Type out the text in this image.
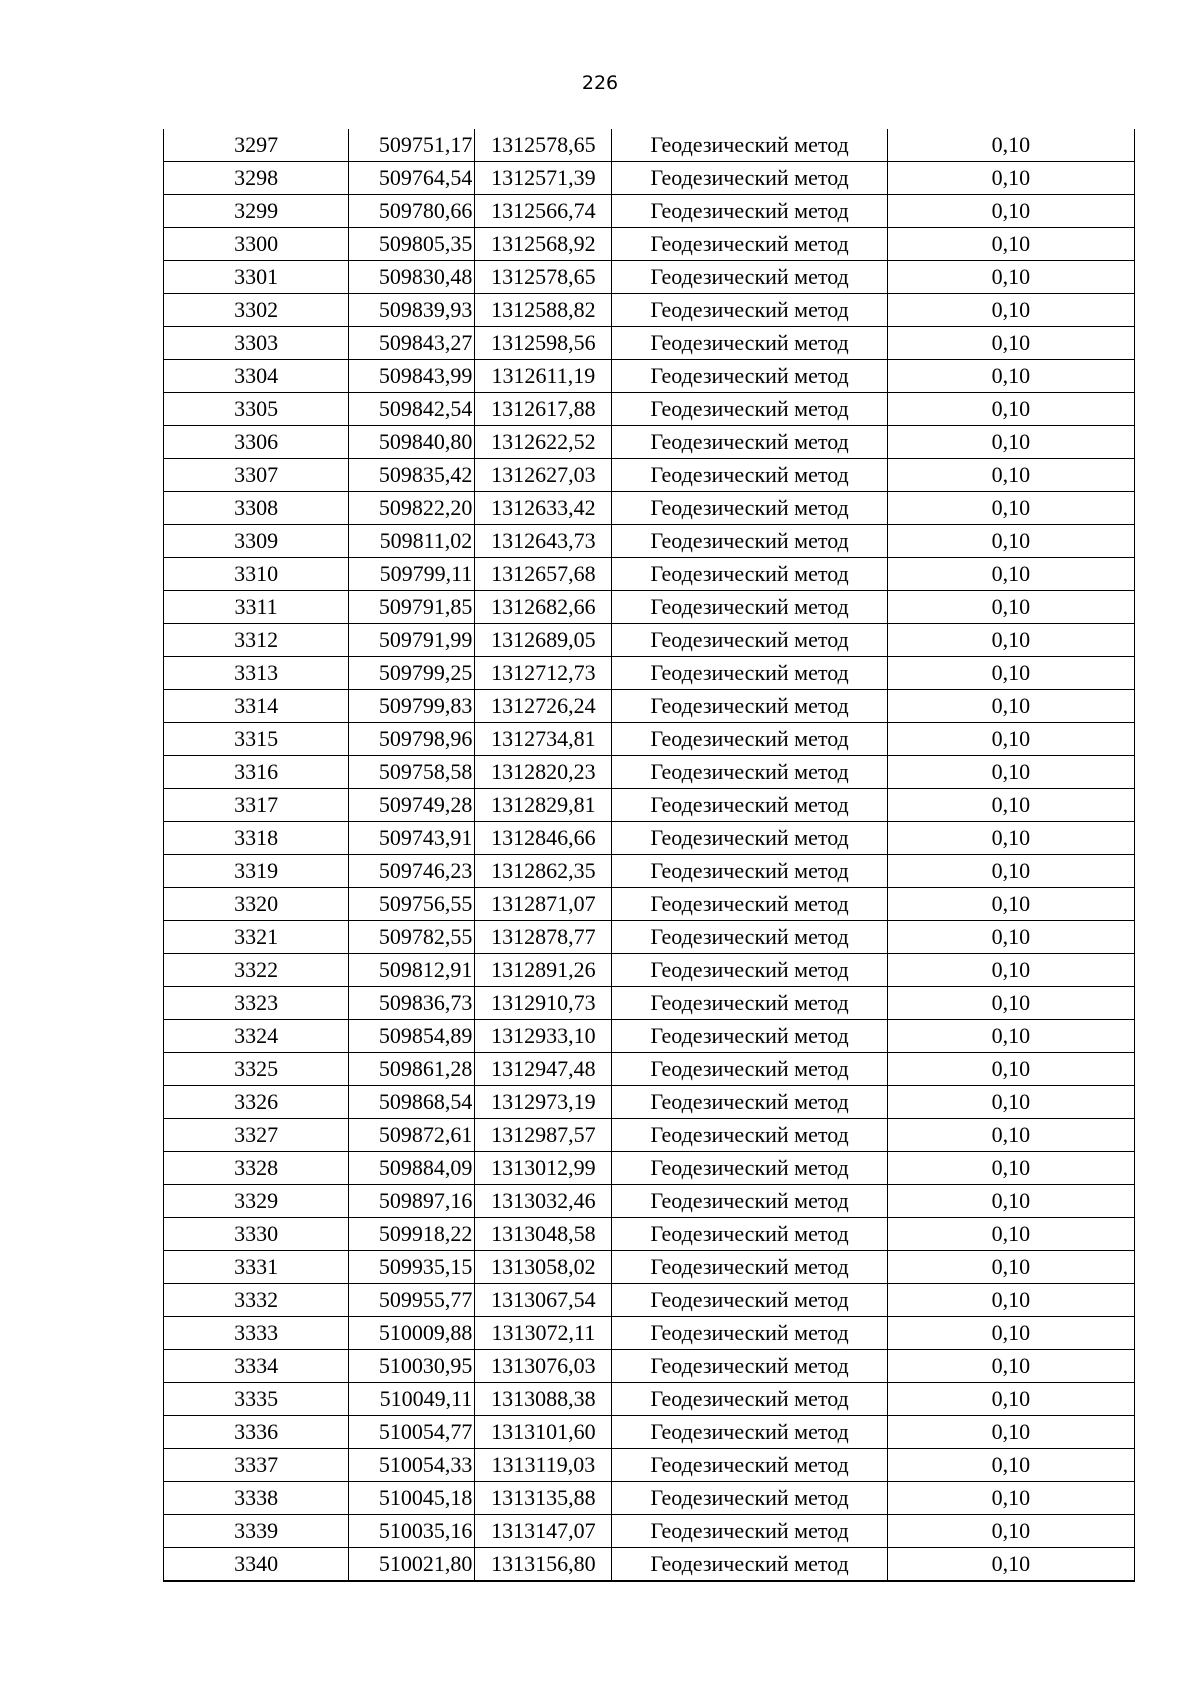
226
3297	509751,17	1312578,65	Геодезический метод	0,10
3298	509764,54	1312571,39	Геодезический метод	0,10
3299	509780,66	1312566,74	Геодезический метод	0,10
3300	509805,35	1312568,92	Геодезический метод	0,10
3301	509830,48	1312578,65	Геодезический метод	0,10
3302	509839,93	1312588,82	Геодезический метод	0,10
3303	509843,27	1312598,56	Геодезический метод	0,10
3304	509843,99	1312611,19	Геодезический метод	0,10
3305	509842,54	1312617,88	Геодезический метод	0,10
3306	509840,80	1312622,52	Геодезический метод	0,10
3307	509835,42	1312627,03	Геодезический метод	0,10
3308	509822,20	1312633,42	Геодезический метод	0,10
3309	509811,02	1312643,73	Геодезический метод	0,10
3310	509799,11	1312657,68	Геодезический метод	0,10
3311	509791,85	1312682,66	Геодезический метод	0,10
3312	509791,99	1312689,05	Геодезический метод	0,10
3313	509799,25	1312712,73	Геодезический метод	0,10
3314	509799,83	1312726,24	Геодезический метод	0,10
3315	509798,96	1312734,81	Геодезический метод	0,10
3316	509758,58	1312820,23	Геодезический метод	0,10
3317	509749,28	1312829,81	Геодезический метод	0,10
3318	509743,91	1312846,66	Геодезический метод	0,10
3319	509746,23	1312862,35	Геодезический метод	0,10
3320	509756,55	1312871,07	Геодезический метод	0,10
3321	509782,55	1312878,77	Геодезический метод	0,10
3322	509812,91	1312891,26	Геодезический метод	0,10
3323	509836,73	1312910,73	Геодезический метод	0,10
3324	509854,89	1312933,10	Геодезический метод	0,10
3325	509861,28	1312947,48	Геодезический метод	0,10
3326	509868,54	1312973,19	Геодезический метод	0,10
3327	509872,61	1312987,57	Геодезический метод	0,10
3328	509884,09	1313012,99	Геодезический метод	0,10
3329	509897,16	1313032,46	Геодезический метод	0,10
3330	509918,22	1313048,58	Геодезический метод	0,10
3331	509935,15	1313058,02	Геодезический метод	0,10
3332	509955,77	1313067,54	Геодезический метод	0,10
3333	510009,88	1313072,11	Геодезический метод	0,10
3334	510030,95	1313076,03	Геодезический метод	0,10
3335	510049,11	1313088,38	Геодезический метод	0,10
3336	510054,77	1313101,60	Геодезический метод	0,10
3337	510054,33	1313119,03	Геодезический метод	0,10
3338	510045,18	1313135,88	Геодезический метод	0,10
3339	510035,16	1313147,07	Геодезический метод	0,10
3340	510021,80	1313156,80	Геодезический метод	0,10
